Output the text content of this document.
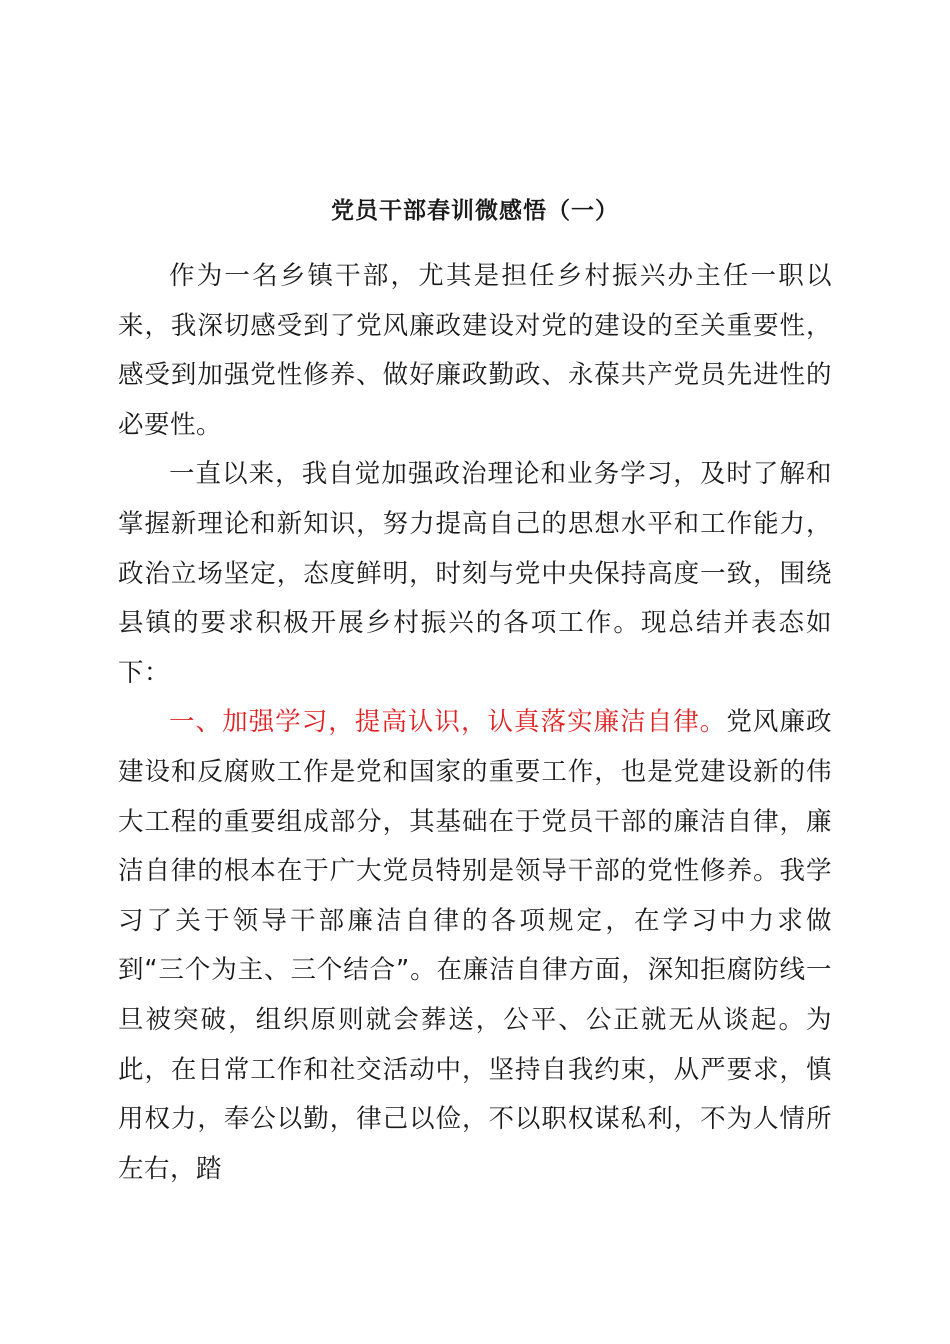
党员干部春训微感悟（一）

作为一名乡镇干部，尤其是担任乡村振兴办主任一职以来，我深切感受到了党风廉政建设对党的建设的至关重要性，感受到加强党性修养、做好廉政勤政、永葆共产党员先进性的必要性。

一直以来，我自觉加强政治理论和业务学习，及时了解和掌握新理论和新知识，努力提高自己的思想水平和工作能力，政治立场坚定，态度鲜明，时刻与党中央保持高度一致，围绕县镇的要求积极开展乡村振兴的各项工作。现总结并表态如下：

一、加强学习，提高认识，认真落实廉洁自律。党风廉政建设和反腐败工作是党和国家的重要工作，也是党建设新的伟大工程的重要组成部分，其基础在于党员干部的廉洁自律，廉洁自律的根本在于广大党员特别是领导干部的党性修养。我学习了关于领导干部廉洁自律的各项规定，在学习中力求做到“三个为主、三个结合”。在廉洁自律方面，深知拒腐防线一旦被突破，组织原则就会葬送，公平、公正就无从谈起。为此，在日常工作和社交活动中，坚持自我约束，从严要求，慎用权力，奉公以勤，律己以俭，不以职权谋私利，不为人情所左右，踏
